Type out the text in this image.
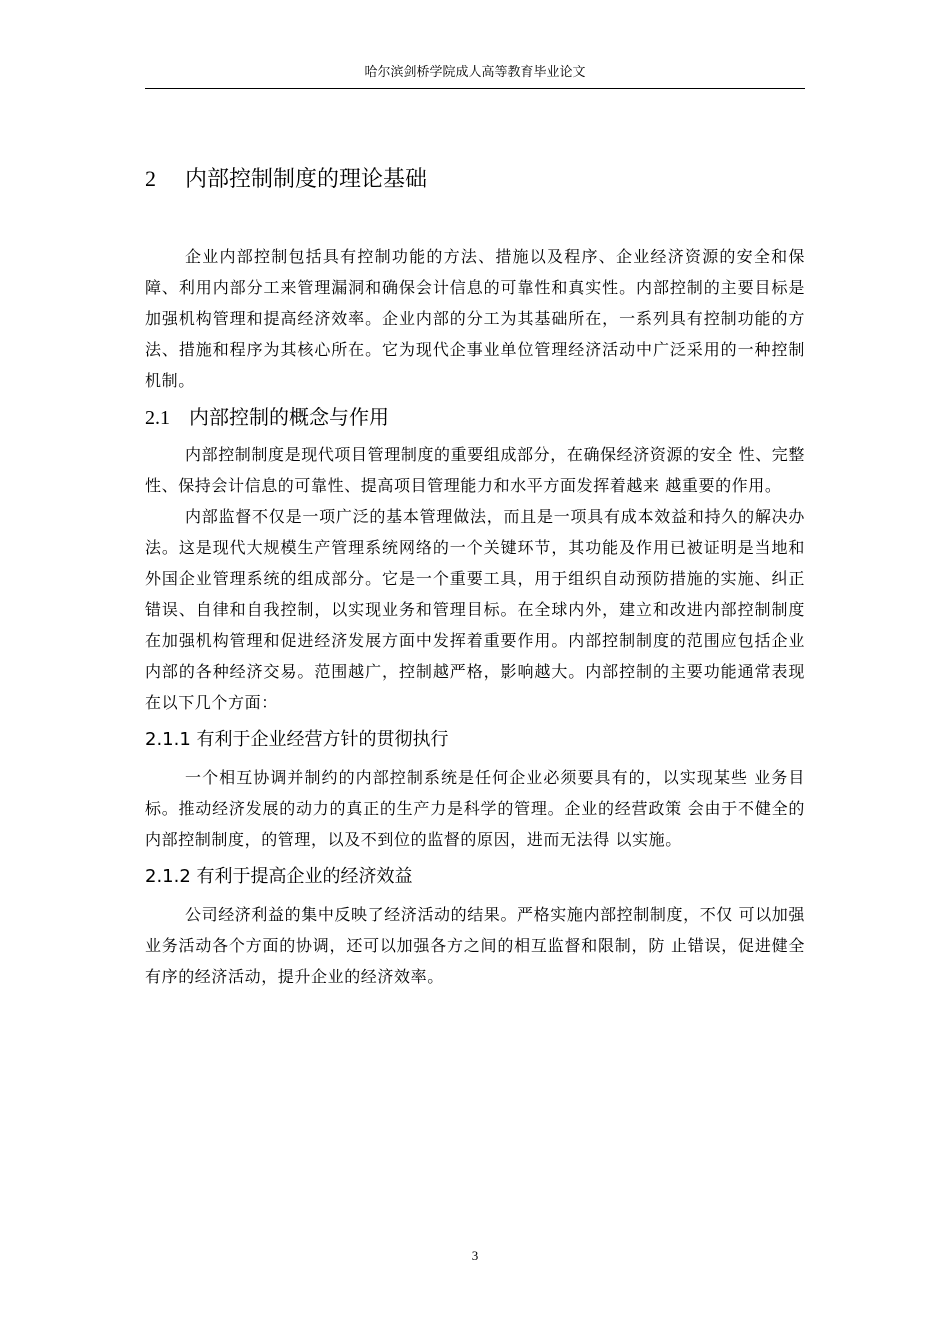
哈尔滨剑桥学院成人高等教育毕业论文
2 内部控制制度的理论基础

企业内部控制包括具有控制功能的方法、措施以及程序、企业经济资源的安全和保障、利用内部分工来管理漏洞和确保会计信息的可靠性和真实性。内部控制的主要目标是加强机构管理和提高经济效率。企业内部的分工为其基础所在，一系列具有控制功能的方法、措施和程序为其核心所在。它为现代企事业单位管理经济活动中广泛采用的一种控制机制。

2.1 内部控制的概念与作用

内部控制制度是现代项目管理制度的重要组成部分，在确保经济资源的安全 性、完整性、保持会计信息的可靠性、提高项目管理能力和水平方面发挥着越来 越重要的作用。

内部监督不仅是一项广泛的基本管理做法，而且是一项具有成本效益和持久的解决办法。这是现代大规模生产管理系统网络的一个关键环节，其功能及作用已被证明是当地和外国企业管理系统的组成部分。它是一个重要工具，用于组织自动预防措施的实施、纠正错误、自律和自我控制，以实现业务和管理目标。在全球内外，建立和改进内部控制制度在加强机构管理和促进经济发展方面中发挥着重要作用。内部控制制度的范围应包括企业内部的各种经济交易。范围越广，控制越严格，影响越大。内部控制的主要功能通常表现在以下几个方面：

2.1.1 有利于企业经营方针的贯彻执行

一个相互协调并制约的内部控制系统是任何企业必须要具有的，以实现某些 业务目标。推动经济发展的动力的真正的生产力是科学的管理。企业的经营政策 会由于不健全的内部控制制度，的管理，以及不到位的监督的原因，进而无法得 以实施。

2.1.2 有利于提高企业的经济效益

公司经济利益的集中反映了经济活动的结果。严格实施内部控制制度，不仅 可以加强业务活动各个方面的协调，还可以加强各方之间的相互监督和限制，防 止错误，促进健全有序的经济活动，提升企业的经济效率。

3
